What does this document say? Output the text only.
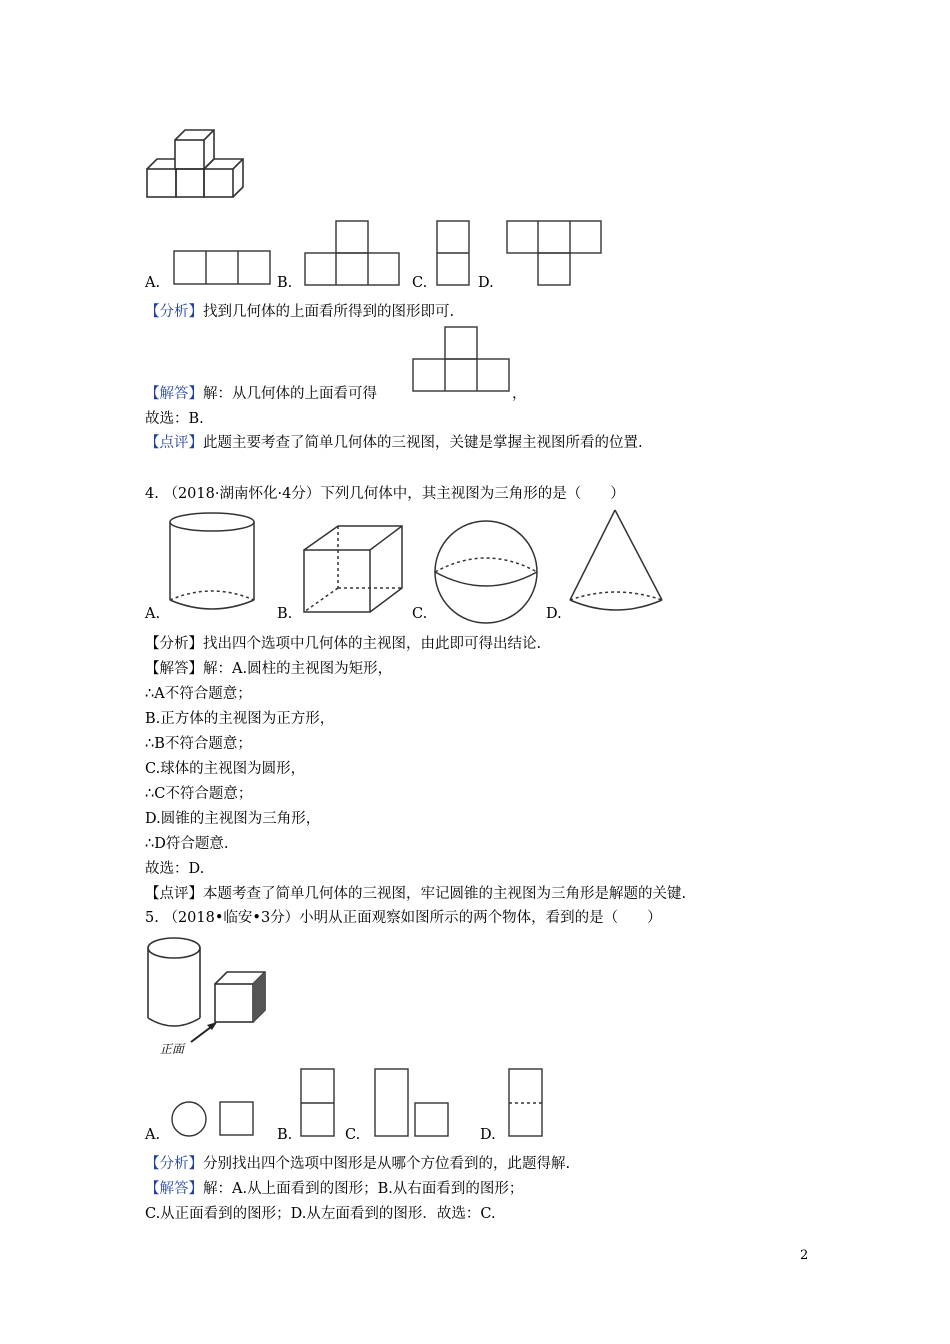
A.	B.	C.	D.
【分析】找到几何体的上面看所得到的图形即可.
【解答】解：从几何体的上面看可得	，
故选：B.
【点评】此题主要考查了简单几何体的三视图，关键是掌握主视图所看的位置.
4. （2018·湖南怀化·4分）下列几何体中，其主视图为三角形的是（　　）
A.	B.	C.	D.
【分析】找出四个选项中几何体的主视图，由此即可得出结论.
【解答】解：A.圆柱的主视图为矩形，
∴A不符合题意；
B.正方体的主视图为正方形，
∴B不符合题意；
C.球体的主视图为圆形，
∴C不符合题意；
D.圆锥的主视图为三角形，
∴D符合题意.
故选：D.
【点评】本题考查了简单几何体的三视图，牢记圆锥的主视图为三角形是解题的关键.
5. （2018•临安•3分）小明从正面观察如图所示的两个物体，看到的是（　　）
正面
A.	B.	C.	D.
【分析】分别找出四个选项中图形是从哪个方位看到的，此题得解.
【解答】解：A.从上面看到的图形；B.从右面看到的图形；
C.从正面看到的图形；D.从左面看到的图形．故选：C.
2
